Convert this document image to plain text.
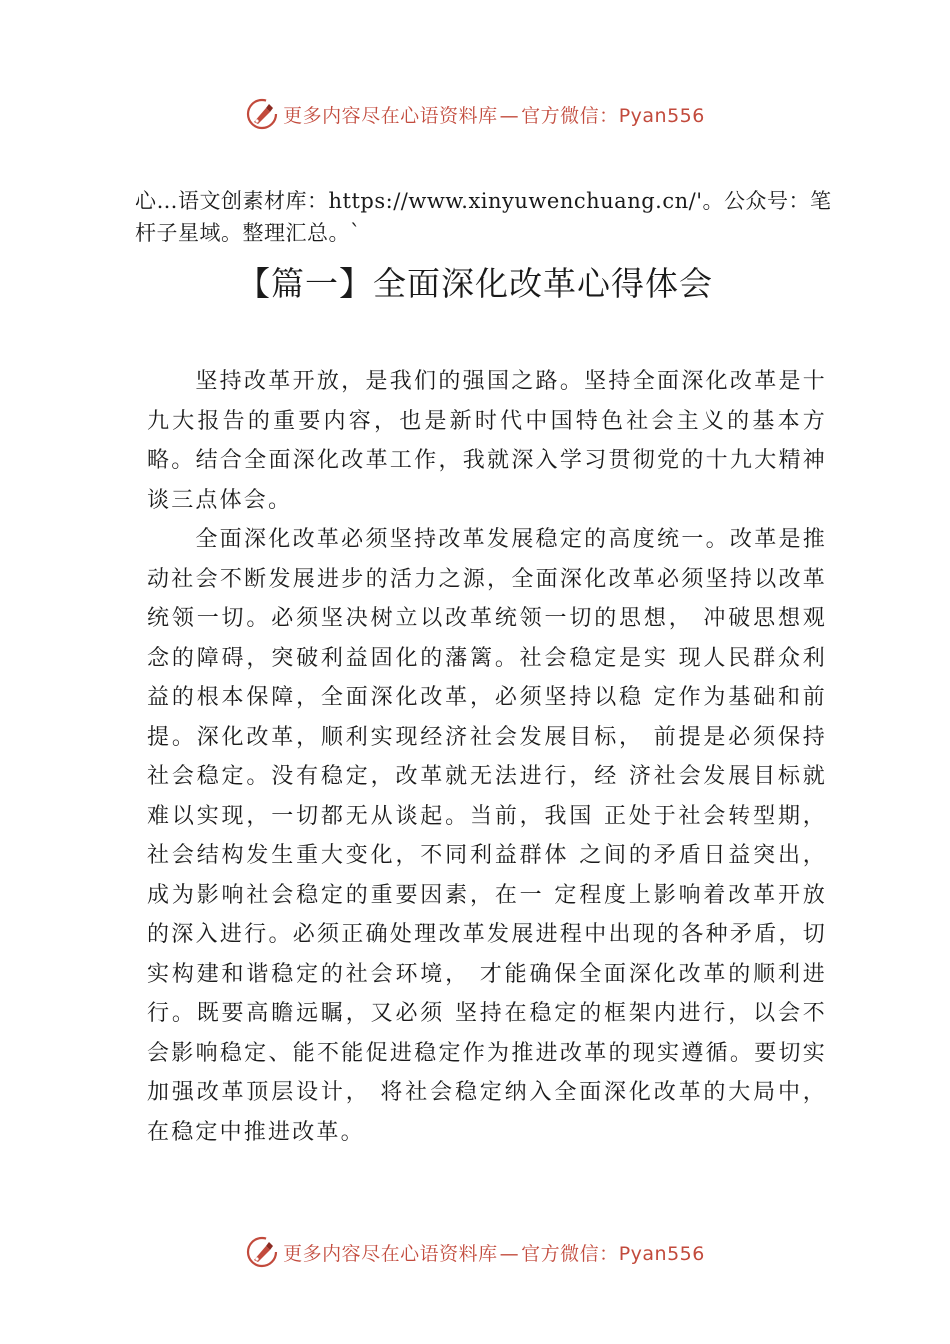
更多内容尽在心语资料库 — 官方微信：Pyan556

心…语文创素材库：https://www.xinyuwenchuang.cn/'。公众号：笔杆子星域。整理汇总。`

【篇一】全面深化改革心得体会

坚持改革开放，是我们的强国之路。坚持全面深化改革是十九大报告的重要内容，也是新时代中国特色社会主义的基本方略。结合全面深化改革工作，我就深入学习贯彻党的十九大精神谈三点体会。

全面深化改革必须坚持改革发展稳定的高度统一。改革是推动社会不断发展进步的活力之源，全面深化改革必须坚持以改革统领一切。必须坚决树立以改革统领一切的思想， 冲破思想观念的障碍，突破利益固化的藩篱。社会稳定是实 现人民群众利益的根本保障，全面深化改革，必须坚持以稳 定作为基础和前提。深化改革，顺利实现经济社会发展目标， 前提是必须保持社会稳定。没有稳定，改革就无法进行，经 济社会发展目标就难以实现，一切都无从谈起。当前，我国 正处于社会转型期，社会结构发生重大变化，不同利益群体 之间的矛盾日益突出，成为影响社会稳定的重要因素，在一 定程度上影响着改革开放的深入进行。必须正确处理改革发展进程中出现的各种矛盾，切实构建和谐稳定的社会环境， 才能确保全面深化改革的顺利进行。既要高瞻远瞩，又必须 坚持在稳定的框架内进行，以会不会影响稳定、能不能促进稳定作为推进改革的现实遵循。要切实加强改革顶层设计， 将社会稳定纳入全面深化改革的大局中，在稳定中推进改革。

更多内容尽在心语资料库 — 官方微信：Pyan556
